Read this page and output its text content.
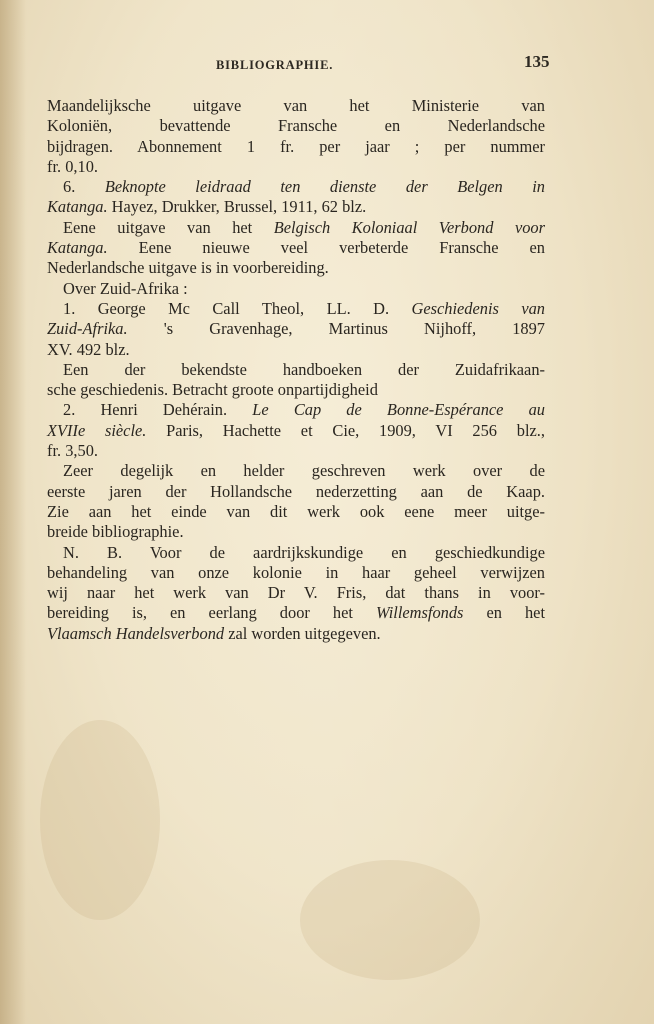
BIBLIOGRAPHIE.	135
Maandelijksche uitgave van het Ministerie van
Koloniën, bevattende Fransche en Nederlandsche
bijdragen. Abonnement 1 fr. per jaar ; per nummer
fr. 0,10.
6. Beknopte leidraad ten dienste der Belgen in
Katanga. Hayez, Drukker, Brussel, 1911, 62 blz.
Eene uitgave van het Belgisch Koloniaal Verbond voor
Katanga. Eene nieuwe veel verbeterde Fransche en
Nederlandsche uitgave is in voorbereiding.
Over Zuid-Afrika :
1. George Mc Call Theol, LL. D. Geschiedenis van
Zuid-Afrika. 's Gravenhage, Martinus Nijhoff, 1897
XV. 492 blz.
Een der bekendste handboeken der Zuidafrikaan-
sche geschiedenis. Betracht groote onpartijdigheid
2. Henri Dehérain. Le Cap de Bonne-Espérance au
XVIIe siècle. Paris, Hachette et Cie, 1909, VI 256 blz.,
fr. 3,50.
Zeer degelijk en helder geschreven werk over de
eerste jaren der Hollandsche nederzetting aan de Kaap.
Zie aan het einde van dit werk ook eene meer uitge-
breide bibliographie.
N. B. Voor de aardrijkskundige en geschiedkundige
behandeling van onze kolonie in haar geheel verwijzen
wij naar het werk van Dr V. Fris, dat thans in voor-
bereiding is, en eerlang door het Willemsfonds en het
Vlaamsch Handelsverbond zal worden uitgegeven.
